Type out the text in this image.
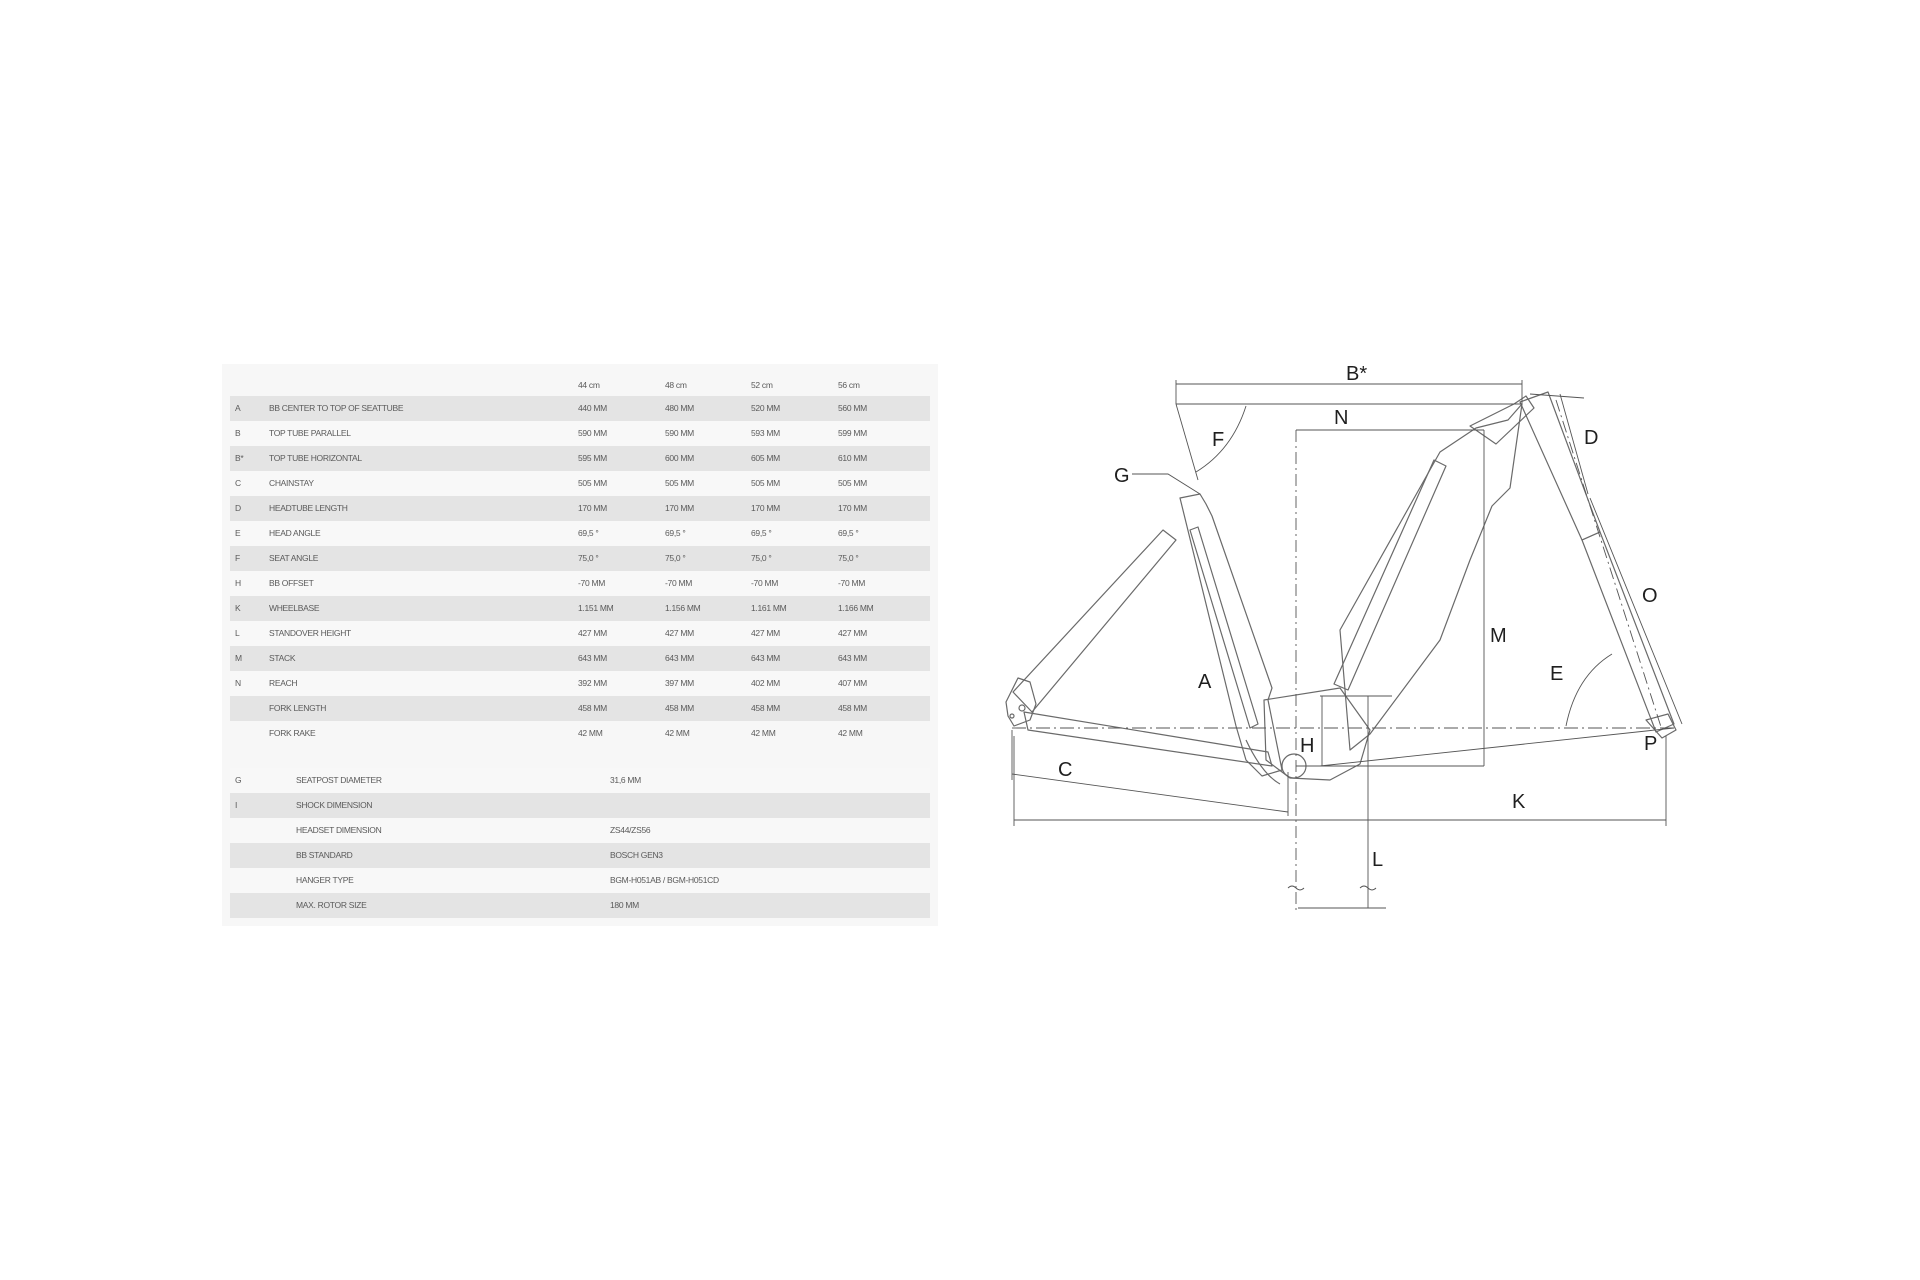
44 cm	48 cm	52 cm	56 cm
A	BB CENTER TO TOP OF SEATTUBE	440 MM	480 MM	520 MM	560 MM
B	TOP TUBE PARALLEL	590 MM	590 MM	593 MM	599 MM
B*	TOP TUBE HORIZONTAL	595 MM	600 MM	605 MM	610 MM
C	CHAINSTAY	505 MM	505 MM	505 MM	505 MM
D	HEADTUBE LENGTH	170 MM	170 MM	170 MM	170 MM
E	HEAD ANGLE	69,5 °	69,5 °	69,5 °	69,5 °
F	SEAT ANGLE	75,0 °	75,0 °	75,0 °	75,0 °
H	BB OFFSET	-70 MM	-70 MM	-70 MM	-70 MM
K	WHEELBASE	1.151 MM	1.156 MM	1.161 MM	1.166 MM
L	STANDOVER HEIGHT	427 MM	427 MM	427 MM	427 MM
M	STACK	643 MM	643 MM	643 MM	643 MM
N	REACH	392 MM	397 MM	402 MM	407 MM
FORK LENGTH	458 MM	458 MM	458 MM	458 MM
FORK RAKE	42 MM	42 MM	42 MM	42 MM
G	SEATPOST DIAMETER	31,6 MM
I	SHOCK DIMENSION
HEADSET DIMENSION	ZS44/ZS56
BB STANDARD	BOSCH GEN3
HANGER TYPE	BGM-H051AB / BGM-H051CD
MAX. ROTOR SIZE	180 MM
B*
N
D
F
G
O
M
A	E
H	P
C
K
L
